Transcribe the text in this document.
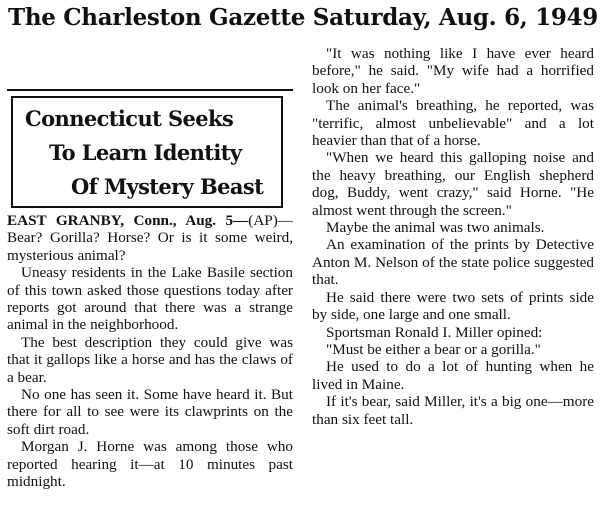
The Charleston Gazette Saturday, Aug. 6, 1949
Connecticut Seeks
To Learn Identity
Of Mystery Beast

EAST GRANBY, Conn., Aug. 5—(AP)—Bear? Gorilla? Horse? Or is it some weird, mysterious animal?

Uneasy residents in the Lake Basile section of this town asked those questions today after reports got around that there was a strange animal in the neighborhood.

The best description they could give was that it gallops like a horse and has the claws of a bear.

No one has seen it. Some have heard it. But there for all to see were its clawprints on the soft dirt road.

Morgan J. Horne was among those who reported hearing it—at 10 minutes past midnight.

"It was nothing like I have ever heard before," he said. "My wife had a horrified look on her face."

The animal's breathing, he reported, was "terrific, almost unbelievable" and a lot heavier than that of a horse.

"When we heard this galloping noise and the heavy breathing, our English shepherd dog, Buddy, went crazy," said Horne. "He almost went through the screen."

Maybe the animal was two animals.

An examination of the prints by Detective Anton M. Nelson of the state police suggested that.

He said there were two sets of prints side by side, one large and one small.

Sportsman Ronald I. Miller opined:

"Must be either a bear or a gorilla."

He used to do a lot of hunting when he lived in Maine.

If it's bear, said Miller, it's a big one—more than six feet tall.
